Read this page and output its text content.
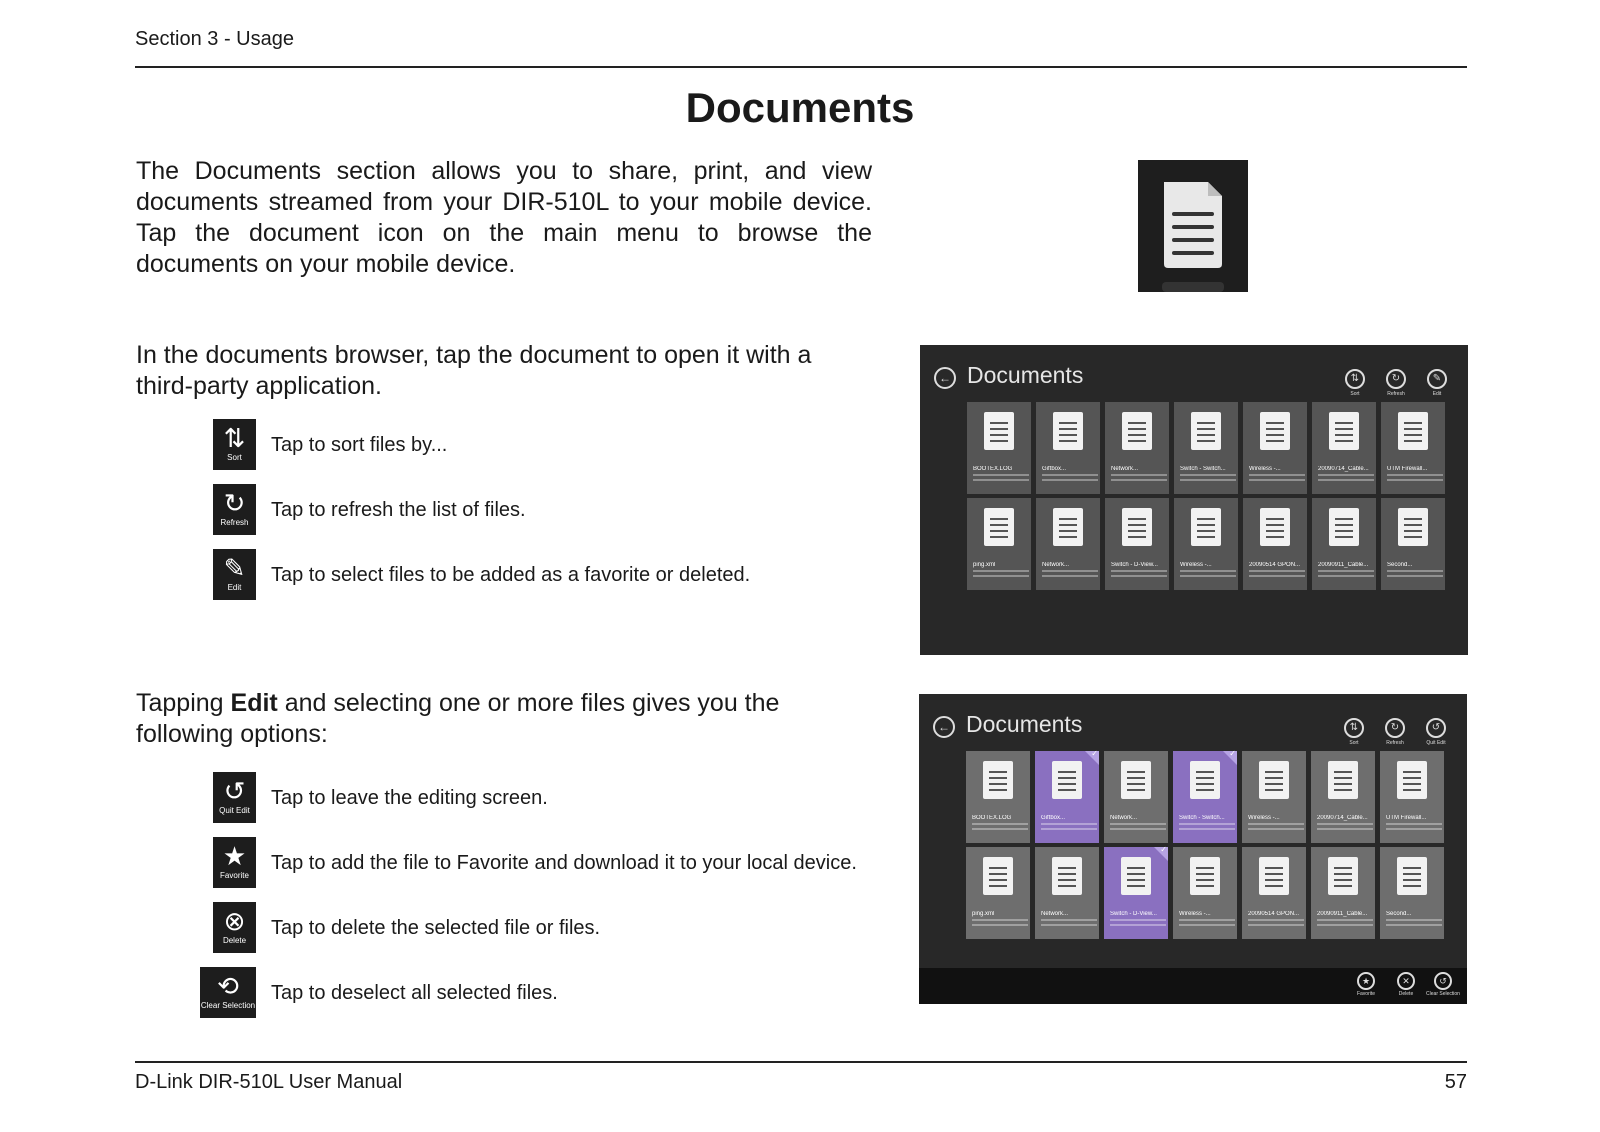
Section 3 - Usage
Documents
The Documents section allows you to share, print, and view documents streamed from your DIR-510L to your mobile device. Tap the document icon on the main menu to browse the documents on your mobile device.
In the documents browser, tap the document to open it with a third-party application.
⇅
Sort
Tap to sort files by...
↻
Refresh
Tap to refresh the list of files.
✎
Edit
Tap to select files to be added as a favorite or deleted.
← Documents	⇅
Sort
↻
Refresh
✎
Edit
BOOTEX.LOG	Giftbox...	Network...	Switch - Switch...	Wireless -...	20090714_Cable...	UTM Firewall...
ping.xml	Network...	Switch - D-View...	Wireless -...	20090514 GPON...	20090911_Cable...	Second...
Tapping Edit and selecting one or more files gives you the following options:
↺
Quit Edit
Tap to leave the editing screen.
★
Favorite
Tap to add the file to Favorite and download it to your local device.
⊗
Delete
Tap to delete the selected file or files.
⟲
Clear Selection
Tap to deselect all selected files.
← Documents	⇅
Sort
↻
Refresh
↺
Quit Edit
BOOTEX.LOG	Giftbox...
✓
Network...	Switch - Switch...
✓
Wireless -...	20090714_Cable...	UTM Firewall...
ping.xml	Network...	Switch - D-View...
✓
Wireless -...	20090514 GPON...	20090911_Cable...	Second...
★
Favorite
✕
Delete
↺
Clear Selection
D-Link DIR-510L User Manual	57
